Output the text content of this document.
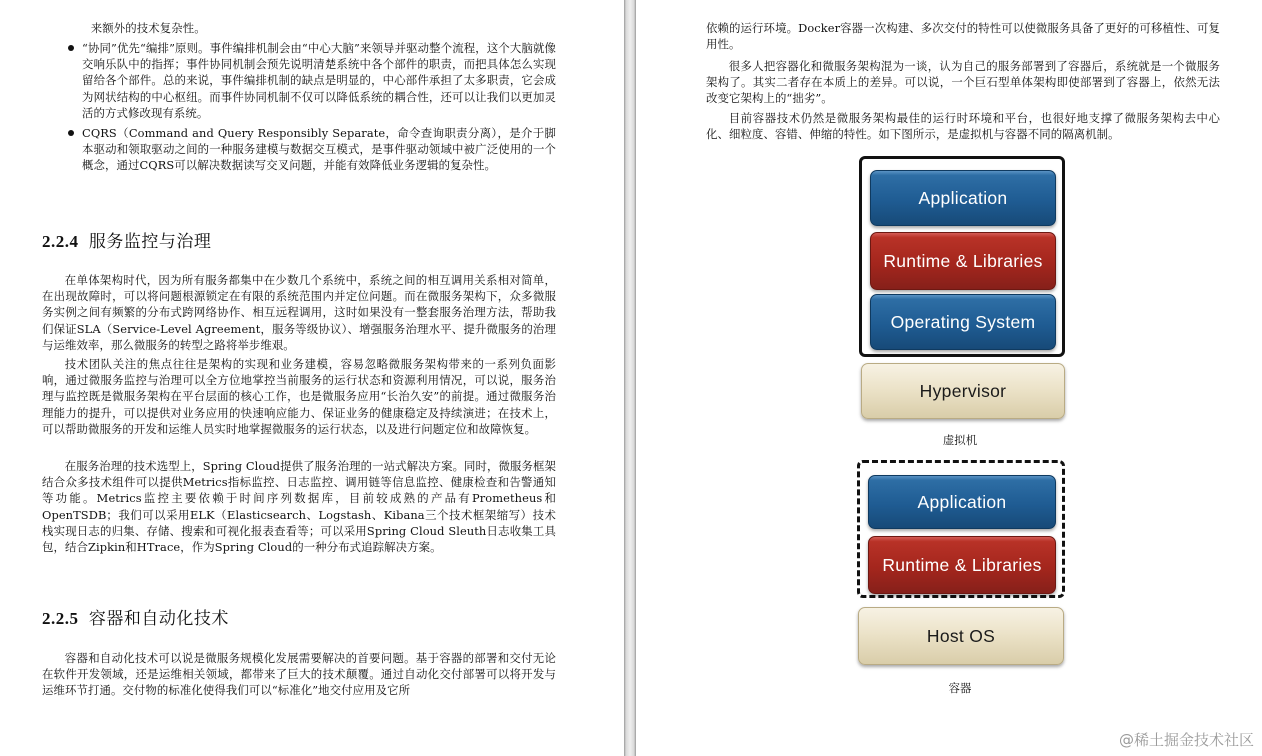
来额外的技术复杂性。

“协同”优先“编排”原则。事件编排机制会由“中心大脑”来领导并驱动整个流程，这个大脑就像交响乐队中的指挥；事件协同机制会预先说明清楚系统中各个部件的职责，而把具体怎么实现留给各个部件。总的来说，事件编排机制的缺点是明显的，中心部件承担了太多职责，它会成为网状结构的中心枢纽。而事件协同机制不仅可以降低系统的耦合性，还可以让我们以更加灵活的方式修改现有系统。
CQRS（Command and Query Responsibly Separate，命令查询职责分离），是介于脚本驱动和领取驱动之间的一种服务建模与数据交互模式，是事件驱动领域中被广泛使用的一个概念，通过CQRS可以解决数据读写交叉问题，并能有效降低业务逻辑的复杂性。
2.2.4 服务监控与治理

在单体架构时代，因为所有服务都集中在少数几个系统中，系统之间的相互调用关系相对简单，在出现故障时，可以将问题根源锁定在有限的系统范围内并定位问题。而在微服务架构下，众多微服务实例之间有频繁的分布式跨网络协作、相互远程调用，这时如果没有一整套服务治理方法，帮助我们保证SLA（Service-Level Agreement，服务等级协议）、增强服务治理水平、提升微服务的治理与运维效率，那么微服务的转型之路将举步维艰。

技术团队关注的焦点往往是架构的实现和业务建模，容易忽略微服务架构带来的一系列负面影响，通过微服务监控与治理可以全方位地掌控当前服务的运行状态和资源利用情况，可以说，服务治理与监控既是微服务架构在平台层面的核心工作，也是微服务应用“长治久安”的前提。通过微服务治理能力的提升，可以提供对业务应用的快速响应能力、保证业务的健康稳定及持续演进；在技术上，可以帮助微服务的开发和运维人员实时地掌握微服务的运行状态，以及进行问题定位和故障恢复。

在服务治理的技术选型上，Spring Cloud提供了服务治理的一站式解决方案。同时，微服务框架结合众多技术组件可以提供Metrics指标监控、日志监控、调用链等信息监控、健康检查和告警通知等功能。Metrics监控主要依赖于时间序列数据库，目前较成熟的产品有Prometheus和OpenTSDB；我们可以采用ELK（Elasticsearch、Logstash、Kibana三个技术框架缩写）技术栈实现日志的归集、存储、搜索和可视化报表查看等；可以采用Spring Cloud Sleuth日志收集工具包，结合Zipkin和HTrace，作为Spring Cloud的一种分布式追踪解决方案。

2.2.5 容器和自动化技术

容器和自动化技术可以说是微服务规模化发展需要解决的首要问题。基于容器的部署和交付无论在软件开发领域，还是运维相关领域，都带来了巨大的技术颠覆。通过自动化交付部署可以将开发与运维环节打通。交付物的标准化使得我们可以“标准化”地交付应用及它所

依赖的运行环境。Docker容器一次构建、多次交付的特性可以使微服务具备了更好的可移植性、可复用性。

很多人把容器化和微服务架构混为一谈，认为自己的服务部署到了容器后，系统就是一个微服务架构了。其实二者存在本质上的差异。可以说，一个巨石型单体架构即使部署到了容器上，依然无法改变它架构上的“拙劣”。

目前容器技术仍然是微服务架构最佳的运行时环境和平台，也很好地支撑了微服务架构去中心化、细粒度、容错、伸缩的特性。如下图所示，是虚拟机与容器不同的隔离机制。

Application
Runtime & Libraries
Operating System
Hypervisor
虚拟机
Application
Runtime & Libraries
Host OS
容器
@稀土掘金技术社区
